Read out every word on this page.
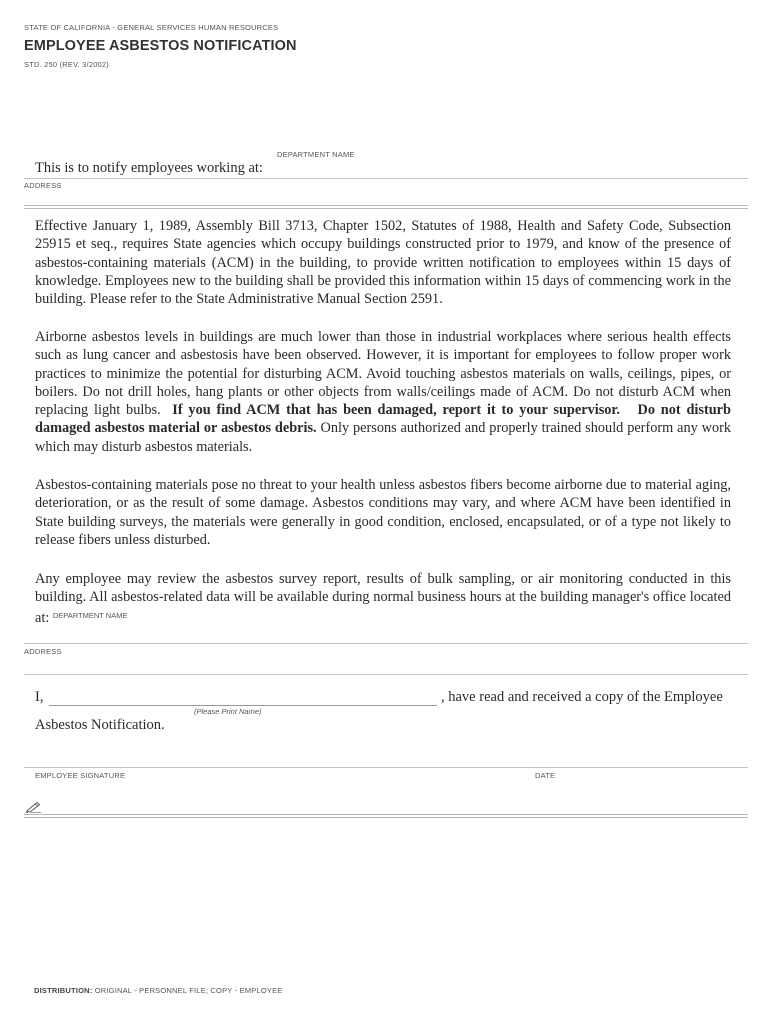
STATE OF CALIFORNIA - GENERAL SERVICES HUMAN RESOURCES
EMPLOYEE ASBESTOS NOTIFICATION
STD. 250 (REV. 3/2002)
DEPARTMENT NAME
This is to notify employees working at:
ADDRESS

Effective January 1, 1989, Assembly Bill 3713, Chapter 1502, Statutes of 1988, Health and Safety Code, Subsection 25915 et seq., requires State agencies which occupy buildings constructed prior to 1979, and know of the presence of asbestos-containing materials (ACM) in the building, to provide written notification to employees within 15 days of knowledge. Employees new to the building shall be provided this information within 15 days of commencing work in the building. Please refer to the State Administrative Manual Section 2591.

Airborne asbestos levels in buildings are much lower than those in industrial workplaces where serious health effects such as lung cancer and asbestosis have been observed. However, it is important for employees to follow proper work practices to minimize the potential for disturbing ACM. Avoid touching asbestos materials on walls, ceilings, pipes, or boilers. Do not drill holes, hang plants or other objects from walls/ceilings made of ACM. Do not disturb ACM when replacing light bulbs. If you find ACM that has been damaged, report it to your supervisor. Do not disturb damaged asbestos material or asbestos debris. Only persons authorized and properly trained should perform any work which may disturb asbestos materials.

Asbestos-containing materials pose no threat to your health unless asbestos fibers become airborne due to material aging, deterioration, or as the result of some damage. Asbestos conditions may vary, and where ACM have been identified in State building surveys, the materials were generally in good condition, enclosed, encapsulated, or of a type not likely to release fibers unless disturbed.

Any employee may review the asbestos survey report, results of bulk sampling, or air monitoring conducted in this building. All asbestos-related data will be available during normal business hours at the building manager's office located at: $^{DEPARTMENT NAME}$

ADDRESS
I,	, have read and received a copy of the Employee
(Please Print Name)
Asbestos Notification.
EMPLOYEE SIGNATURE	DATE
DISTRIBUTION: ORIGINAL - PERSONNEL FILE; COPY - EMPLOYEE
